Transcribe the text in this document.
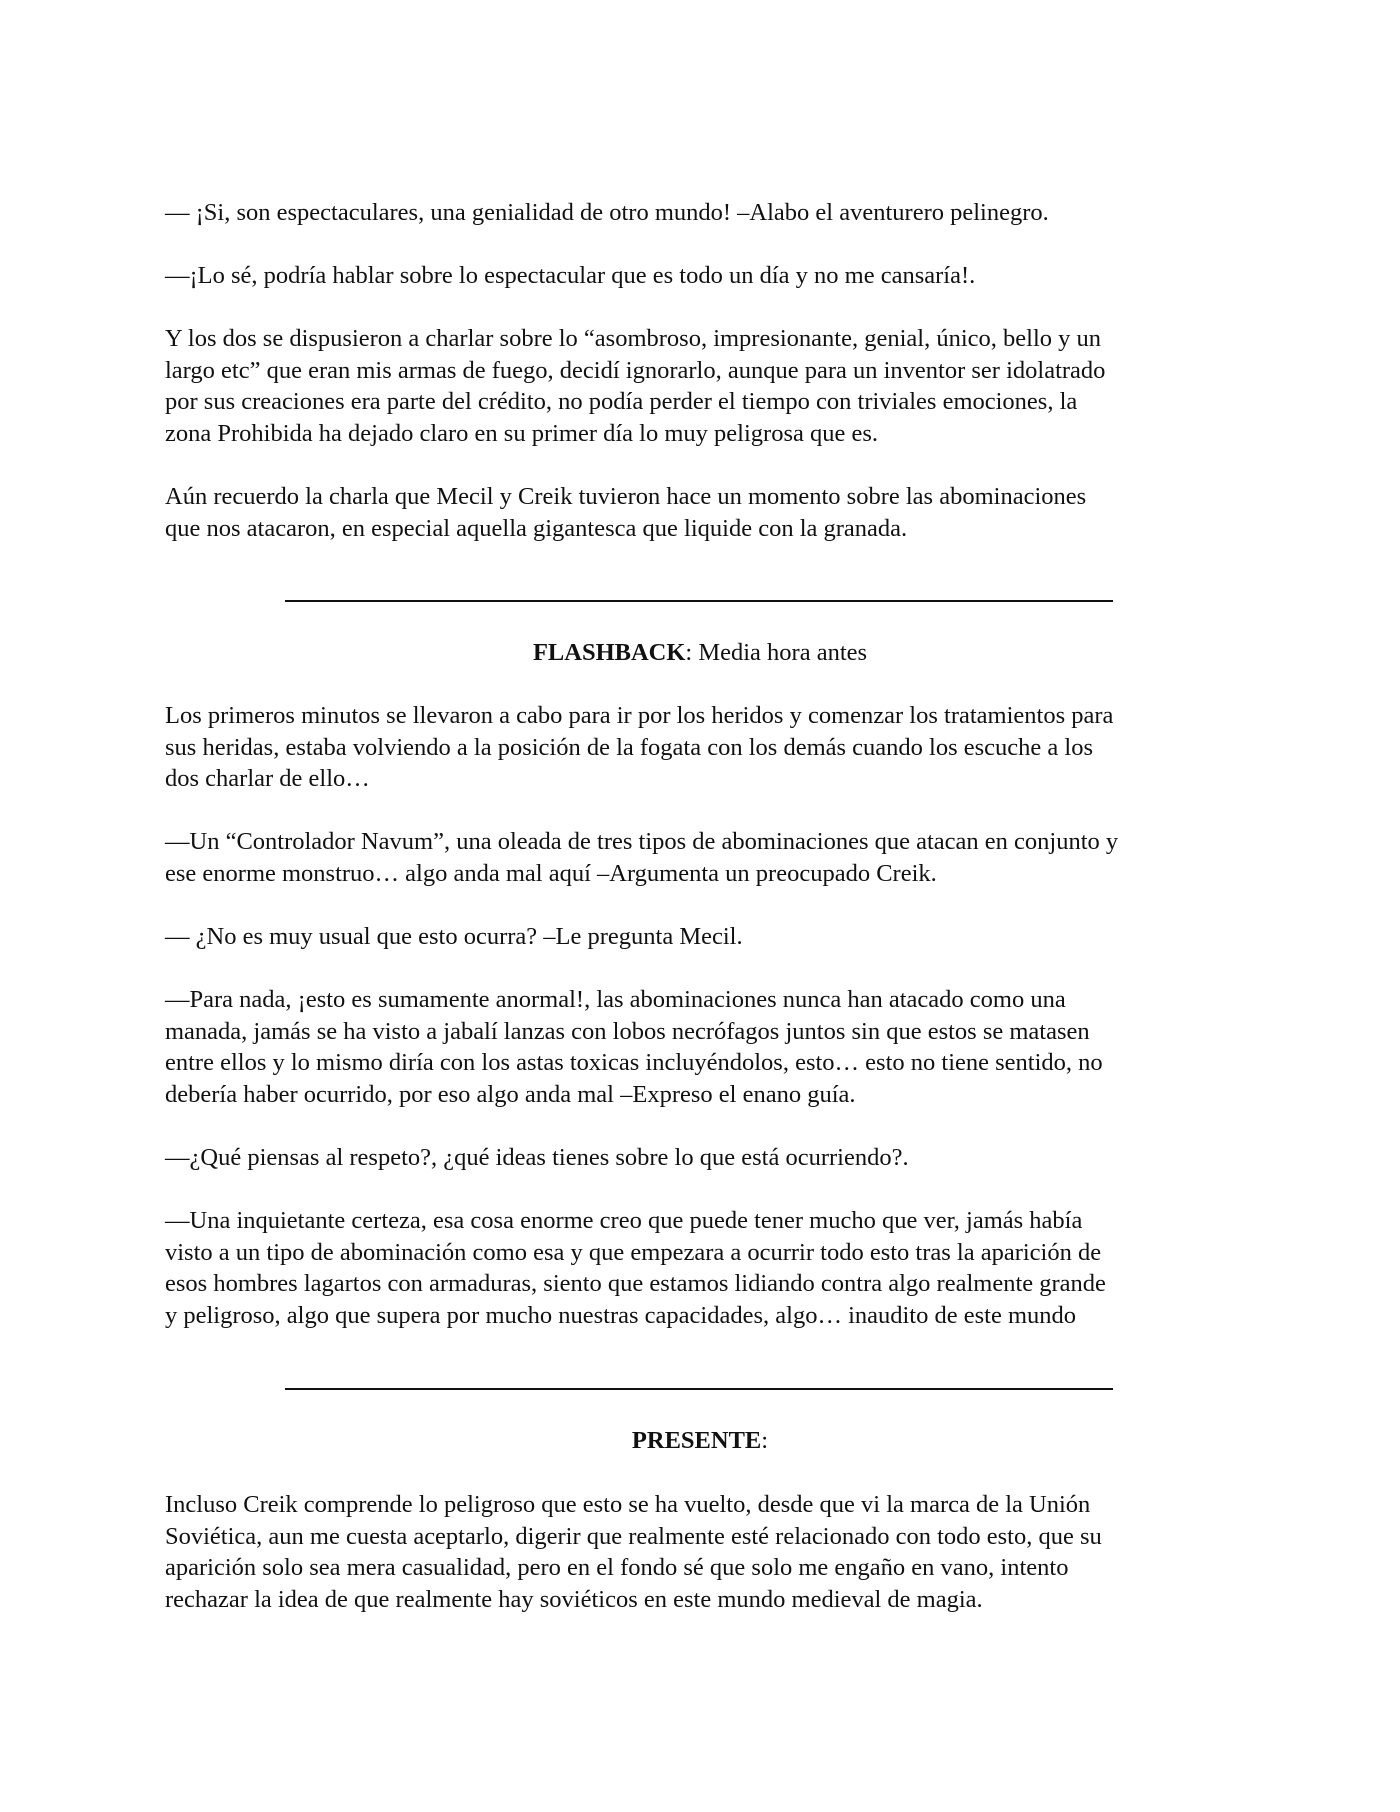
— ¡Si, son espectaculares, una genialidad de otro mundo! –Alabo el aventurero pelinegro.

—¡Lo sé, podría hablar sobre lo espectacular que es todo un día y no me cansaría!.

Y los dos se dispusieron a charlar sobre lo “asombroso, impresionante, genial, único, bello y un
largo etc” que eran mis armas de fuego, decidí ignorarlo, aunque para un inventor ser idolatrado
por sus creaciones era parte del crédito, no podía perder el tiempo con triviales emociones, la
zona Prohibida ha dejado claro en su primer día lo muy peligrosa que es.

Aún recuerdo la charla que Mecil y Creik tuvieron hace un momento sobre las abominaciones
que nos atacaron, en especial aquella gigantesca que liquide con la granada.

FLASHBACK: Media hora antes

Los primeros minutos se llevaron a cabo para ir por los heridos y comenzar los tratamientos para
sus heridas, estaba volviendo a la posición de la fogata con los demás cuando los escuche a los
dos charlar de ello…

—Un “Controlador Navum”, una oleada de tres tipos de abominaciones que atacan en conjunto y
ese enorme monstruo… algo anda mal aquí –Argumenta un preocupado Creik.

— ¿No es muy usual que esto ocurra? –Le pregunta Mecil.

—Para nada, ¡esto es sumamente anormal!, las abominaciones nunca han atacado como una
manada, jamás se ha visto a jabalí lanzas con lobos necrófagos juntos sin que estos se matasen
entre ellos y lo mismo diría con los astas toxicas incluyéndolos, esto… esto no tiene sentido, no
debería haber ocurrido, por eso algo anda mal –Expreso el enano guía.

—¿Qué piensas al respeto?, ¿qué ideas tienes sobre lo que está ocurriendo?.

—Una inquietante certeza, esa cosa enorme creo que puede tener mucho que ver, jamás había
visto a un tipo de abominación como esa y que empezara a ocurrir todo esto tras la aparición de
esos hombres lagartos con armaduras, siento que estamos lidiando contra algo realmente grande
y peligroso, algo que supera por mucho nuestras capacidades, algo… inaudito de este mundo

PRESENTE:

Incluso Creik comprende lo peligroso que esto se ha vuelto, desde que vi la marca de la Unión
Soviética, aun me cuesta aceptarlo, digerir que realmente esté relacionado con todo esto, que su
aparición solo sea mera casualidad, pero en el fondo sé que solo me engaño en vano, intento
rechazar la idea de que realmente hay soviéticos en este mundo medieval de magia.
